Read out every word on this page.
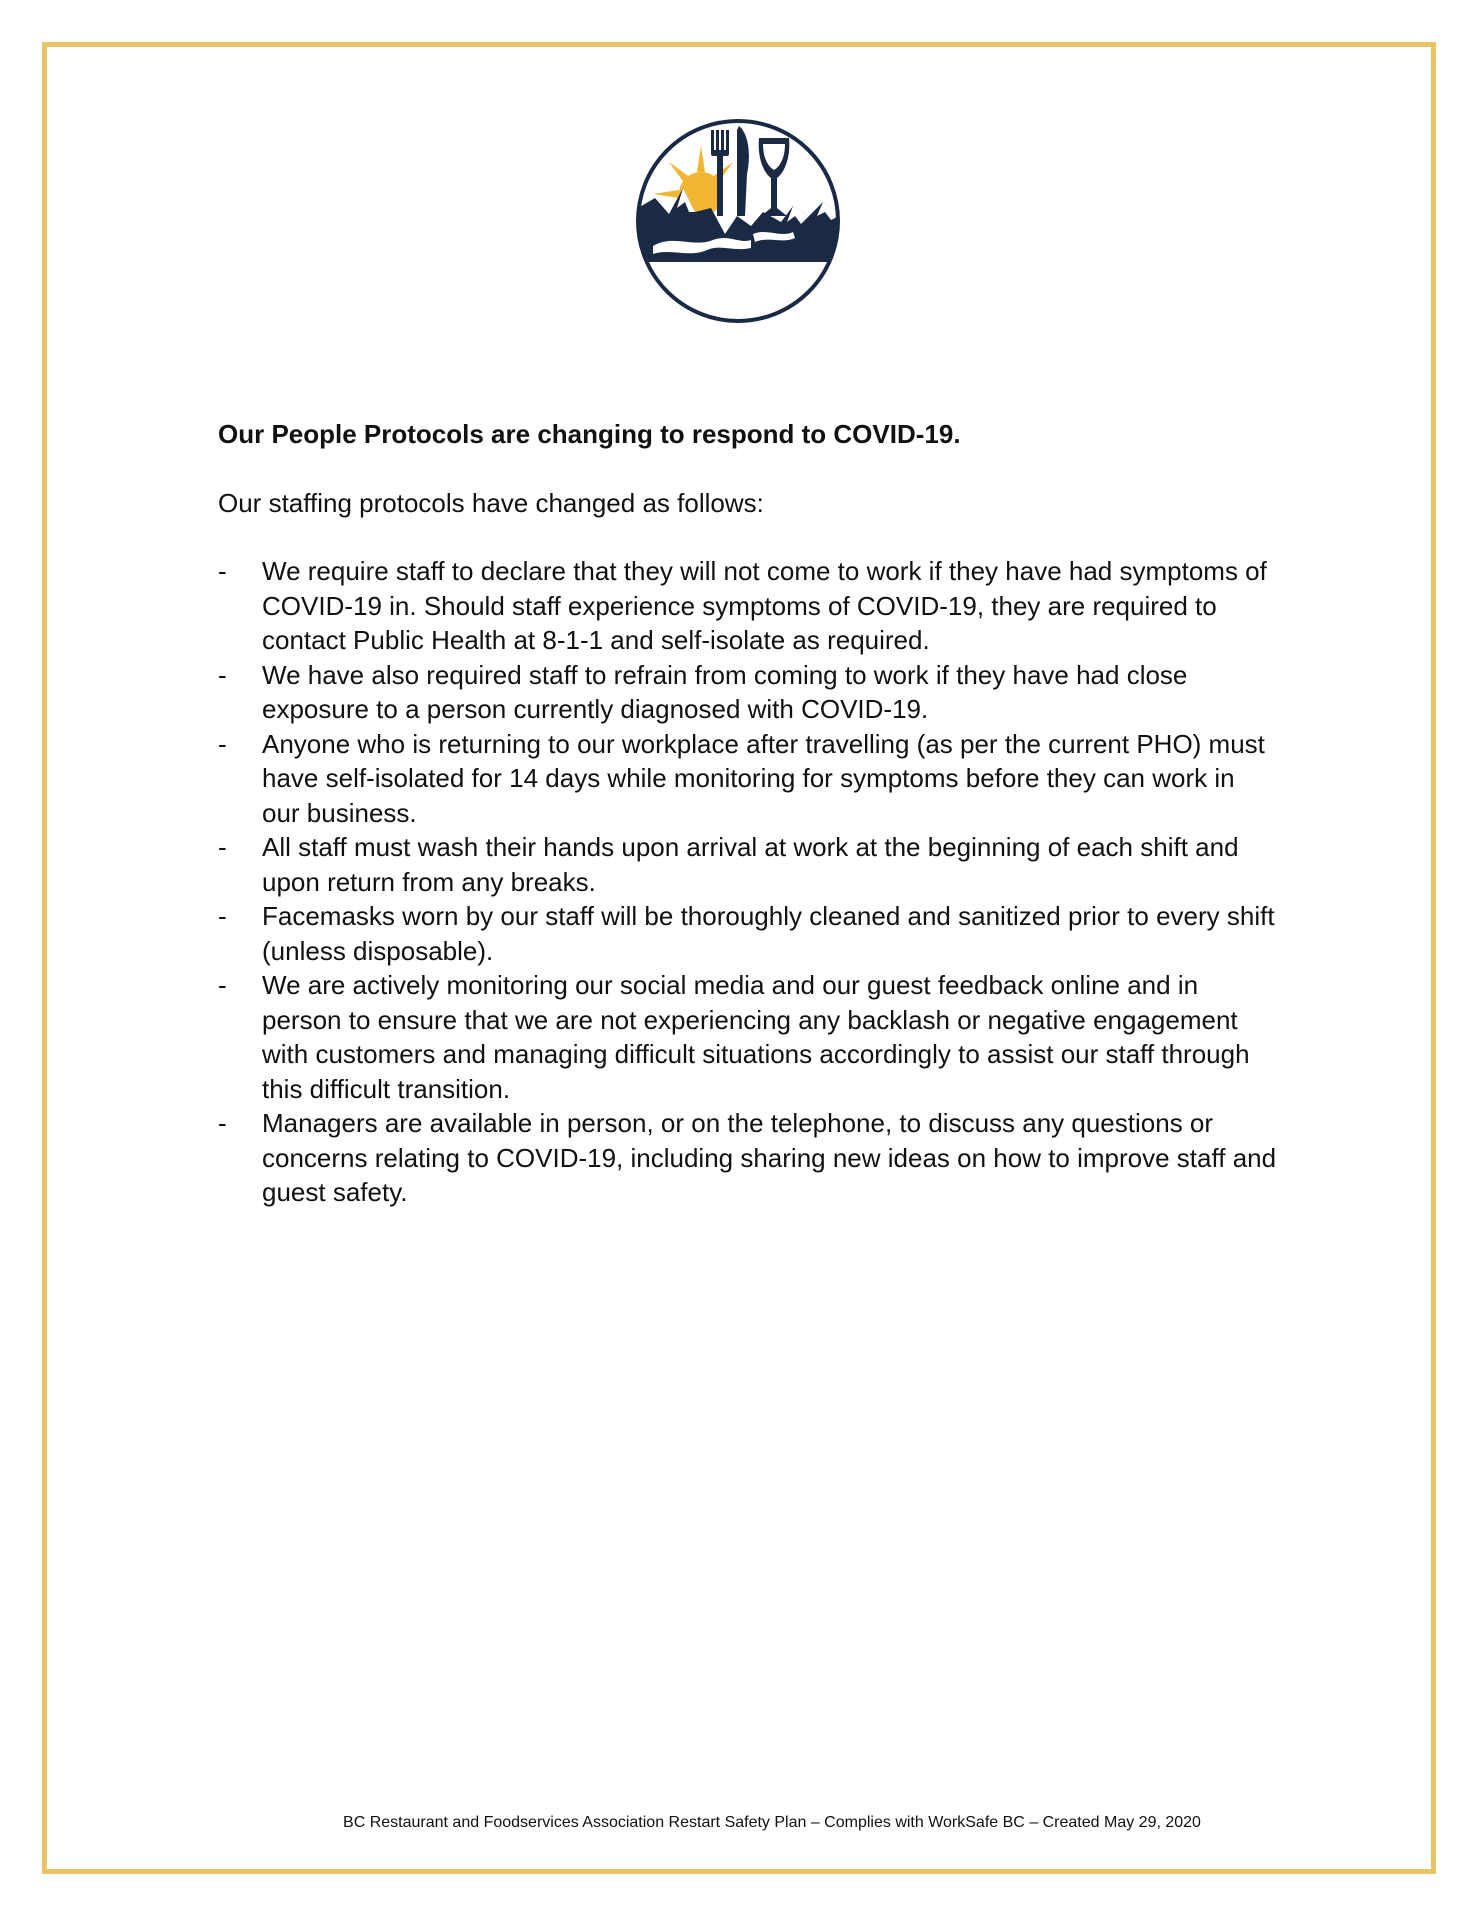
Our People Protocols are changing to respond to COVID-19.

Our staffing protocols have changed as follows:

- We require staff to declare that they will not come to work if they have had symptoms of COVID-19 in. Should staff experience symptoms of COVID-19, they are required to contact Public Health at 8-1-1 and self-isolate as required.
- We have also required staff to refrain from coming to work if they have had close exposure to a person currently diagnosed with COVID-19.
- Anyone who is returning to our workplace after travelling (as per the current PHO) must have self-isolated for 14 days while monitoring for symptoms before they can work in our business.
- All staff must wash their hands upon arrival at work at the beginning of each shift and upon return from any breaks.
- Facemasks worn by our staff will be thoroughly cleaned and sanitized prior to every shift (unless disposable).
- We are actively monitoring our social media and our guest feedback online and in person to ensure that we are not experiencing any backlash or negative engagement with customers and managing difficult situations accordingly to assist our staff through this difficult transition.
- Managers are available in person, or on the telephone, to discuss any questions or concerns relating to COVID-19, including sharing new ideas on how to improve staff and guest safety.
BC Restaurant and Foodservices Association Restart Safety Plan – Complies with WorkSafe BC – Created May 29, 2020
